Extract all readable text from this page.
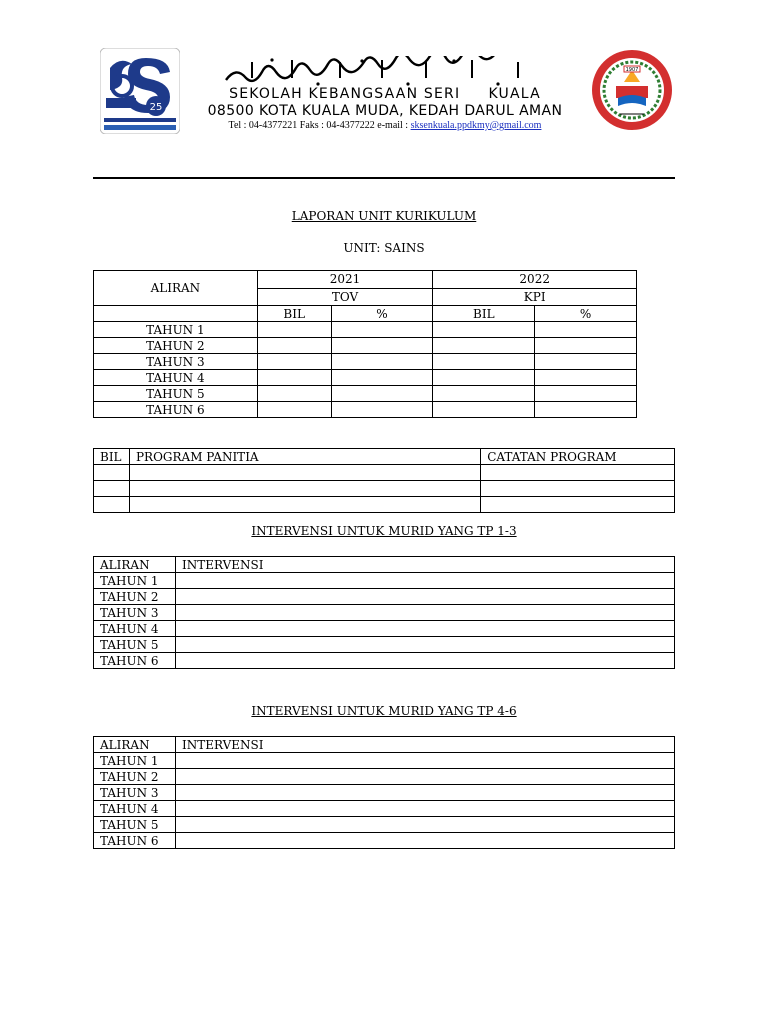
25
SEKOLAH KEBANGSAAN SERI     KUALA
08500 KOTA KUALA MUDA, KEDAH DARUL AMAN
Tel : 04-4377221 Faks : 04-4377222 e-mail : sksenkuala.ppdkmy@gmail.com
1907
LAPORAN UNIT KURIKULUM
UNIT: SAINS
ALIRAN	2021		2022	
	TOV		KPI	
	BIL	%	BIL	%
TAHUN 1				
TAHUN 2				
TAHUN 3				
TAHUN 4				
TAHUN 5				
TAHUN 6				
BIL	PROGRAM PANITIA	CATATAN PROGRAM

INTERVENSI UNTUK MURID YANG TP 1-3
ALIRAN	INTERVENSI
TAHUN 1	
TAHUN 2	
TAHUN 3	
TAHUN 4	
TAHUN 5	
TAHUN 6	
INTERVENSI UNTUK MURID YANG TP 4-6
ALIRAN	INTERVENSI
TAHUN 1	
TAHUN 2	
TAHUN 3	
TAHUN 4	
TAHUN 5	
TAHUN 6	
